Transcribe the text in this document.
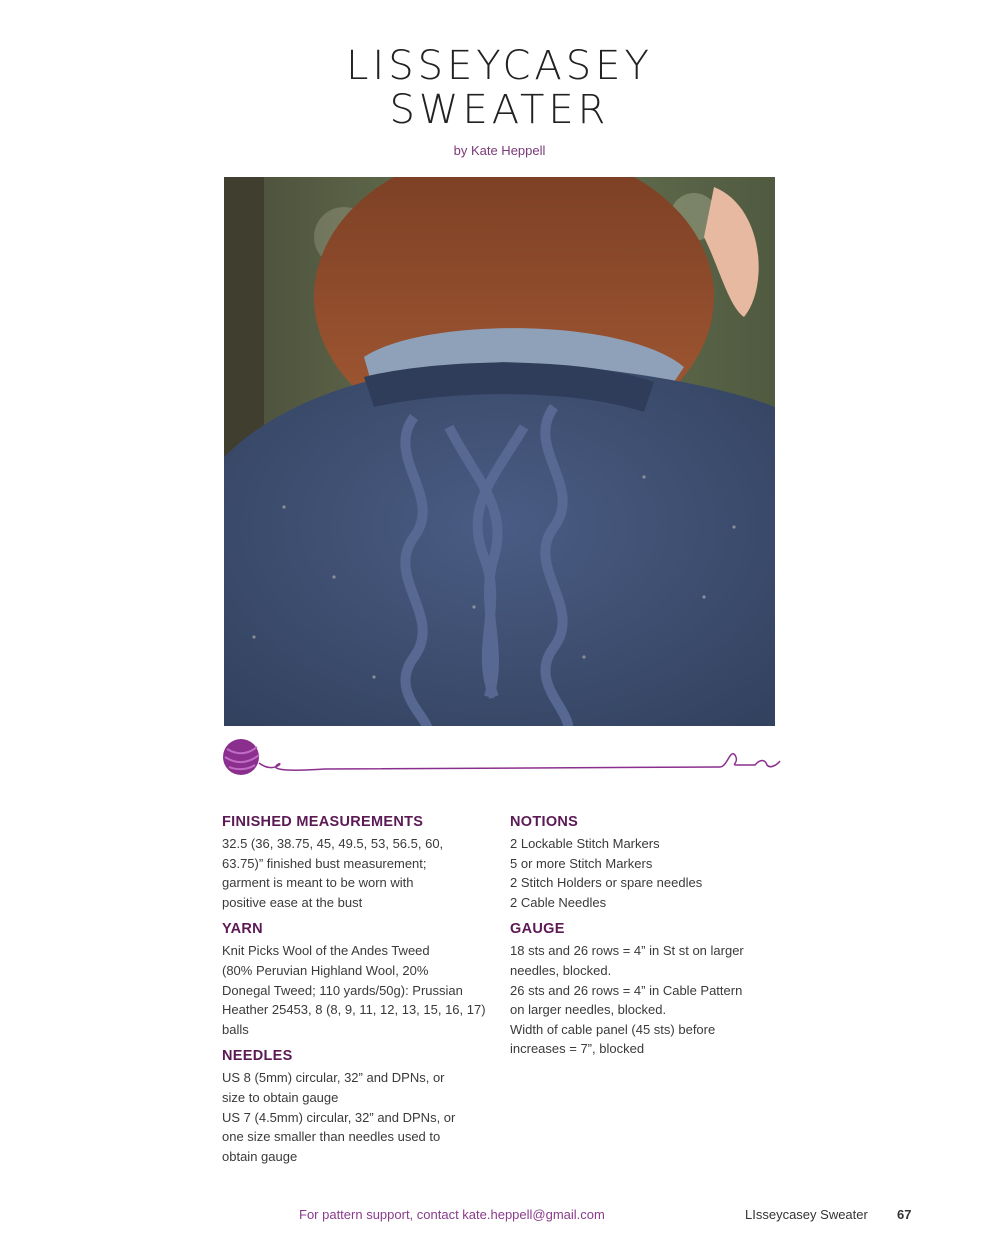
LISSEYCASEY
SWEATER
by Kate Heppell
FINISHED MEASUREMENTS
32.5 (36, 38.75, 45, 49.5, 53, 56.5, 60,
63.75)” finished bust measurement;
garment is meant to be worn with
positive ease at the bust
YARN
Knit Picks Wool of the Andes Tweed
(80% Peruvian Highland Wool, 20%
Donegal Tweed; 110 yards/50g): Prussian
Heather 25453, 8 (8, 9, 11, 12, 13, 15, 16, 17)
balls
NEEDLES
US 8 (5mm) circular, 32” and DPNs, or
size to obtain gauge
US 7 (4.5mm) circular, 32” and DPNs, or
one size smaller than needles used to
obtain gauge
NOTIONS
2 Lockable Stitch Markers
5 or more Stitch Markers
2 Stitch Holders or spare needles
2 Cable Needles
GAUGE
18 sts and 26 rows = 4” in St st on larger
needles, blocked.
26 sts and 26 rows = 4” in Cable Pattern
on larger needles, blocked.
Width of cable panel (45 sts) before
increases = 7”, blocked
For pattern support, contact kate.heppell@gmail.com	LIsseycasey Sweater 67
